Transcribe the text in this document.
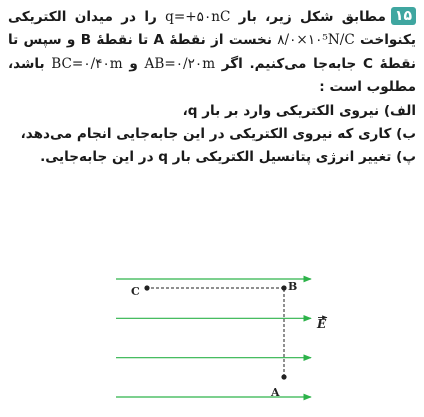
۱۵مطابق شکل زیر، بار q=+۵۰nC را در میدان الکتریکی یکنواخت ۸/۰×۱۰⁵N/C نخست از نقطهٔ A تا نقطهٔ B و سپس تا نقطهٔ C جابه‌جا می‌کنیم. اگر AB=۰/۲۰m و BC=۰/۴۰m باشد، مطلوب است :

الف) نیروی الکتریکی وارد بر بار q،

ب) کاری که نیروی الکتریکی در این جابه‌جایی انجام می‌دهد،

پ) تغییر انرژی پتانسیل الکتریکی بار q در این جابه‌جایی.

A
B
C
E
